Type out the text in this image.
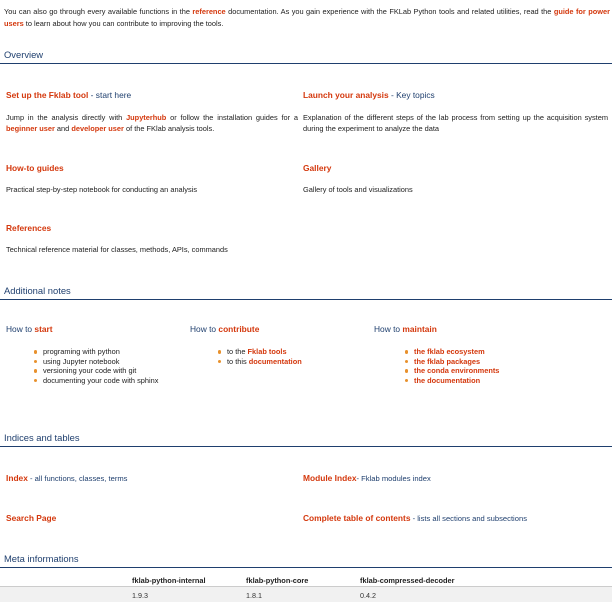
You can also go through every available functions in the reference documentation. As you gain experience with the FKLab Python tools and related utilities, read the guide for power users to learn about how you can contribute to improving the tools.
Overview
Set up the Fklab tool - start here
Jump in the analysis directly with Jupyterhub or follow the installation guides for a beginner user and developer user of the FKlab analysis tools.
Launch your analysis - Key topics
Explanation of the different steps of the lab process from setting up the acquisition system during the experiment to analyze the data
How-to guides
Practical step-by-step notebook for conducting an analysis
Gallery
Gallery of tools and visualizations
References
Technical reference material for classes, methods, APIs, commands
Additional notes
How to start
programing with python
using Jupyter notebook
versioning your code with git
documenting your code with sphinx
How to contribute
to the Fklab tools
to this documentation
How to maintain
the fklab ecosystem
the fklab packages
the conda environments
the documentation
Indices and tables
Index - all functions, classes, terms	Module Index- Fklab modules index
Search Page	Complete table of contents - lists all sections and subsections
Meta informations
fklab-python-internal	fklab-python-core	fklab-compressed-decoder
1.9.3	1.8.1	0.4.2
